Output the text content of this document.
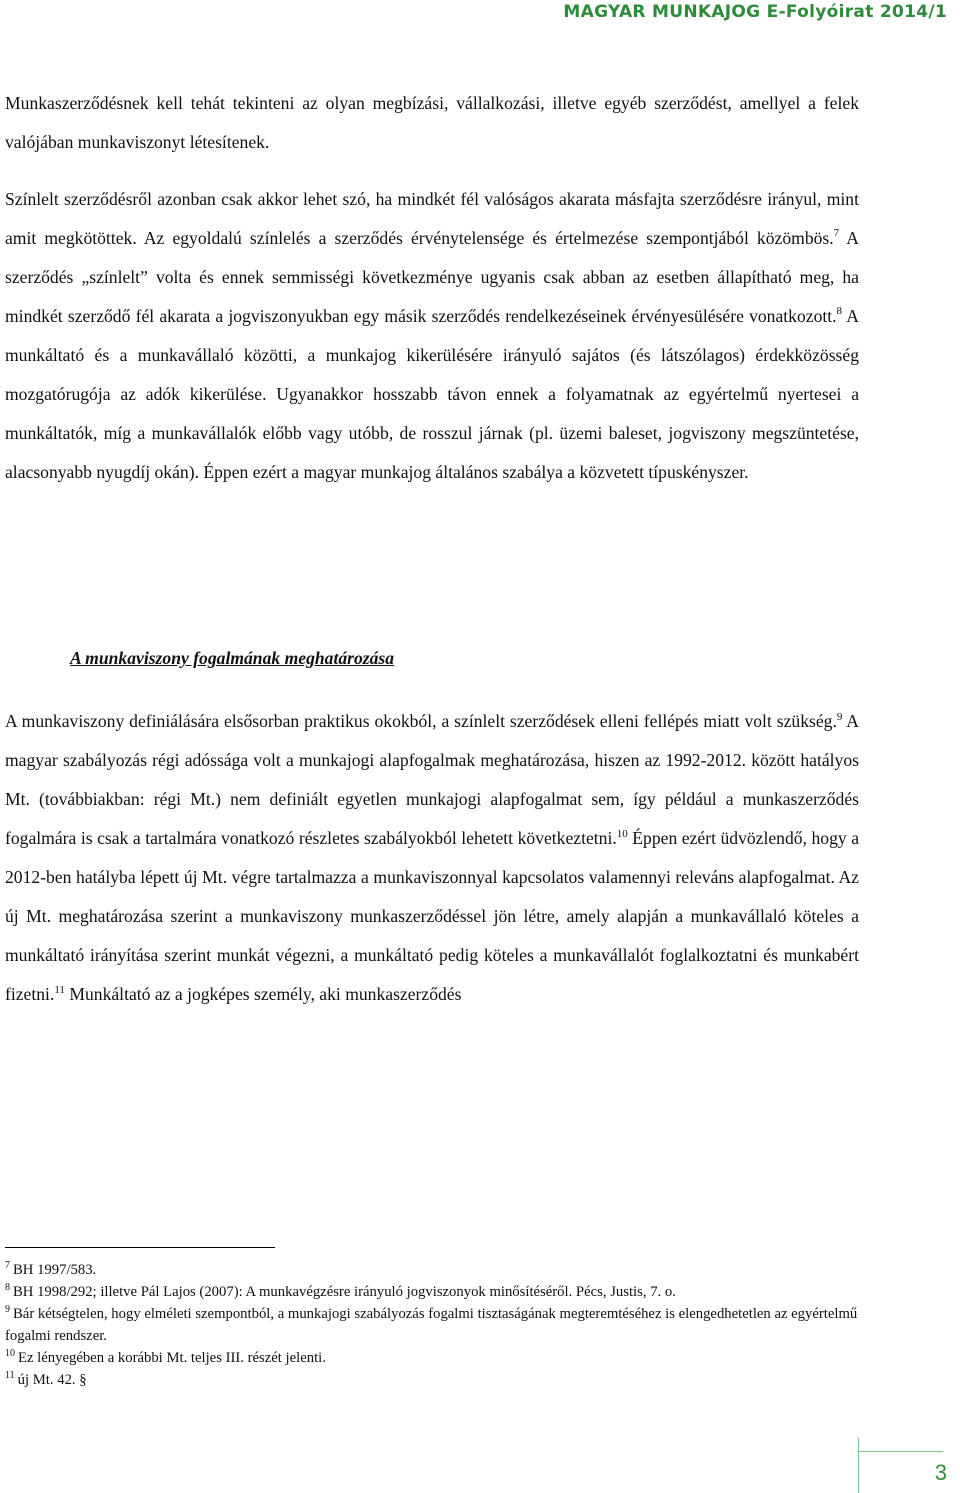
MAGYAR MUNKAJOG E-Folyóirat 2014/1

Munkaszerződésnek kell tehát tekinteni az olyan megbízási, vállalkozási, illetve egyéb szerződést, amellyel a felek valójában munkaviszonyt létesítenek.

Színlelt szerződésről azonban csak akkor lehet szó, ha mindkét fél valóságos akarata másfajta szerződésre irányul, mint amit megkötöttek. Az egyoldalú színlelés a szerződés érvénytelensége és értelmezése szempontjából közömbös.$^7$ A szerződés „színlelt” volta és ennek semmisségi következménye ugyanis csak abban az esetben állapítható meg, ha mindkét szerződő fél akarata a jogviszonyukban egy másik szerződés rendelkezéseinek érvényesülésére vonatkozott.$^8$ A munkáltató és a munkavállaló közötti, a munkajog kikerülésére irányuló sajátos (és látszólagos) érdekközösség mozgatórugója az adók kikerülése. Ugyanakkor hosszabb távon ennek a folyamatnak az egyértelmű nyertesei a munkáltatók, míg a munkavállalók előbb vagy utóbb, de rosszul járnak (pl. üzemi baleset, jogviszony megszüntetése, alacsonyabb nyugdíj okán). Éppen ezért a magyar munkajog általános szabálya a közvetett típuskényszer.

A munkaviszony fogalmának meghatározása

A munkaviszony definiálására elsősorban praktikus okokból, a színlelt szerződések elleni fellépés miatt volt szükség.$^9$ A magyar szabályozás régi adóssága volt a munkajogi alapfogalmak meghatározása, hiszen az 1992-2012. között hatályos Mt. (továbbiakban: régi Mt.) nem definiált egyetlen munkajogi alapfogalmat sem, így például a munkaszerződés fogalmára is csak a tartalmára vonatkozó részletes szabályokból lehetett következtetni.$^{10}$ Éppen ezért üdvözlendő, hogy a 2012-ben hatályba lépett új Mt. végre tartalmazza a munkaviszonnyal kapcsolatos valamennyi releváns alapfogalmat. Az új Mt. meghatározása szerint a munkaviszony munkaszerződéssel jön létre, amely alapján a munkavállaló köteles a munkáltató irányítása szerint munkát végezni, a munkáltató pedig köteles a munkavállalót foglalkoztatni és munkabért fizetni.$^{11}$ Munkáltató az a jogképes személy, aki munkaszerződés

$^7$ BH 1997/583.

$^8$ BH 1998/292; illetve Pál Lajos (2007): A munkavégzésre irányuló jogviszonyok minősítéséről. Pécs, Justis, 7. o.

$^9$ Bár kétségtelen, hogy elméleti szempontból, a munkajogi szabályozás fogalmi tisztaságának megteremtéséhez is elengedhetetlen az egyértelmű fogalmi rendszer.

$^{10}$ Ez lényegében a korábbi Mt. teljes III. részét jelenti.

$^{11}$ új Mt. 42. §

3
